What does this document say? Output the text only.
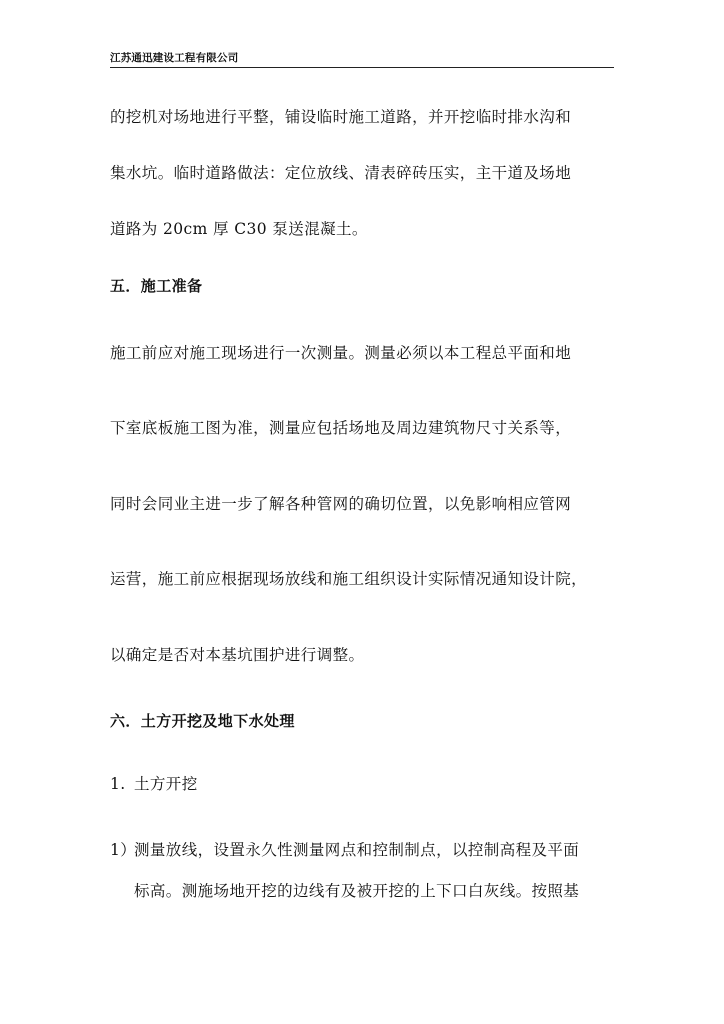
江苏通迅建设工程有限公司
的挖机对场地进行平整，铺设临时施工道路，并开挖临时排水沟和
集水坑。临时道路做法：定位放线、清表碎砖压实，主干道及场地
道路为 20cm 厚 C30 泵送混凝土。
五．施工准备
施工前应对施工现场进行一次测量。测量必须以本工程总平面和地
下室底板施工图为准，测量应包括场地及周边建筑物尺寸关系等，
同时会同业主进一步了解各种管网的确切位置，以免影响相应管网
运营，施工前应根据现场放线和施工组织设计实际情况通知设计院，
以确定是否对本基坑围护进行调整。
六．土方开挖及地下水处理
1. 土方开挖
1）测量放线，设置永久性测量网点和控制制点，以控制高程及平面
标高。测施场地开挖的边线有及被开挖的上下口白灰线。按照基
